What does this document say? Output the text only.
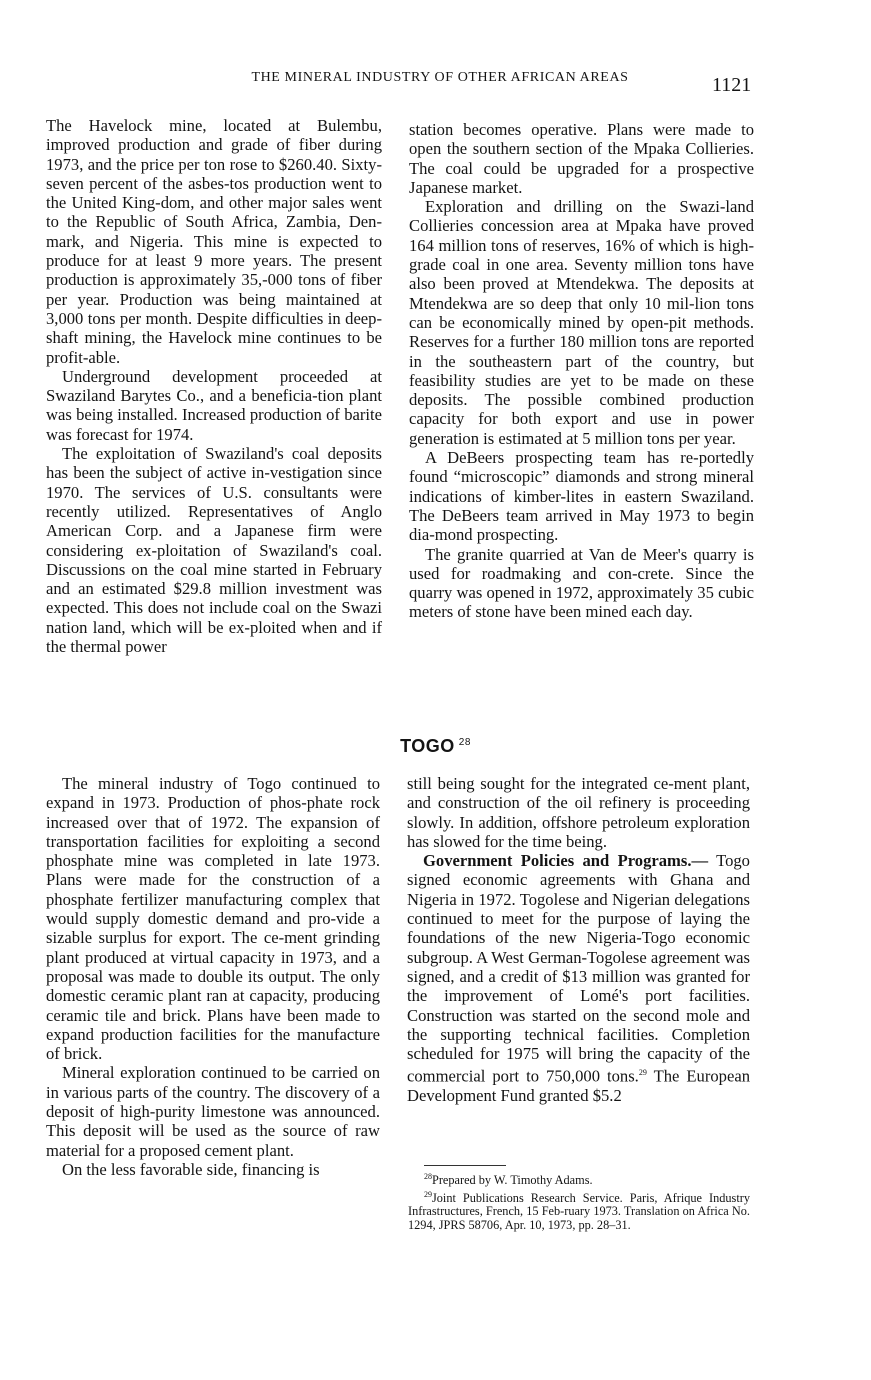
THE MINERAL INDUSTRY OF OTHER AFRICAN AREAS	1121

The Havelock mine, located at Bulembu, improved production and grade of fiber during 1973, and the price per ton rose to $260.40. Sixty-seven percent of the asbes-tos production went to the United King-dom, and other major sales went to the Republic of South Africa, Zambia, Den-mark, and Nigeria. This mine is expected to produce for at least 9 more years. The present production is approximately 35,-000 tons of fiber per year. Production was being maintained at 3,000 tons per month. Despite difficulties in deep-shaft mining, the Havelock mine continues to be profit-able.

Underground development proceeded at Swaziland Barytes Co., and a beneficia-tion plant was being installed. Increased production of barite was forecast for 1974.

The exploitation of Swaziland's coal deposits has been the subject of active in-vestigation since 1970. The services of U.S. consultants were recently utilized. Representatives of Anglo American Corp. and a Japanese firm were considering ex-ploitation of Swaziland's coal. Discussions on the coal mine started in February and an estimated $29.8 million investment was expected. This does not include coal on the Swazi nation land, which will be ex-ploited when and if the thermal power

station becomes operative. Plans were made to open the southern section of the Mpaka Collieries. The coal could be upgraded for a prospective Japanese market.

Exploration and drilling on the Swazi-land Collieries concession area at Mpaka have proved 164 million tons of reserves, 16% of which is high-grade coal in one area. Seventy million tons have also been proved at Mtendekwa. The deposits at Mtendekwa are so deep that only 10 mil-lion tons can be economically mined by open-pit methods. Reserves for a further 180 million tons are reported in the southeastern part of the country, but feasibility studies are yet to be made on these deposits. The possible combined production capacity for both export and use in power generation is estimated at 5 million tons per year.

A DeBeers prospecting team has re-portedly found “microscopic” diamonds and strong mineral indications of kimber-lites in eastern Swaziland. The DeBeers team arrived in May 1973 to begin dia-mond prospecting.

The granite quarried at Van de Meer's quarry is used for roadmaking and con-crete. Since the quarry was opened in 1972, approximately 35 cubic meters of stone have been mined each day.

TOGO $^{28}$

The mineral industry of Togo continued to expand in 1973. Production of phos-phate rock increased over that of 1972. The expansion of transportation facilities for exploiting a second phosphate mine was completed in late 1973. Plans were made for the construction of a phosphate fertilizer manufacturing complex that would supply domestic demand and pro-vide a sizable surplus for export. The ce-ment grinding plant produced at virtual capacity in 1973, and a proposal was made to double its output. The only domestic ceramic plant ran at capacity, producing ceramic tile and brick. Plans have been made to expand production facilities for the manufacture of brick.

Mineral exploration continued to be carried on in various parts of the country. The discovery of a deposit of high-purity limestone was announced. This deposit will be used as the source of raw material for a proposed cement plant.

On the less favorable side, financing is

still being sought for the integrated ce-ment plant, and construction of the oil refinery is proceeding slowly. In addition, offshore petroleum exploration has slowed for the time being.

Government Policies and Programs.— Togo signed economic agreements with Ghana and Nigeria in 1972. Togolese and Nigerian delegations continued to meet for the purpose of laying the foundations of the new Nigeria-Togo economic subgroup. A West German-Togolese agreement was signed, and a credit of $13 million was granted for the improvement of Lomé's port facilities. Construction was started on the second mole and the supporting technical facilities. Completion scheduled for 1975 will bring the capacity of the commercial port to 750,000 tons.$^{29}$ The European Development Fund granted $5.2

$^{28}$Prepared by W. Timothy Adams.

$^{29}$Joint Publications Research Service. Paris, Afrique Industry Infrastructures, French, 15 Feb-ruary 1973. Translation on Africa No. 1294, JPRS 58706, Apr. 10, 1973, pp. 28–31.
